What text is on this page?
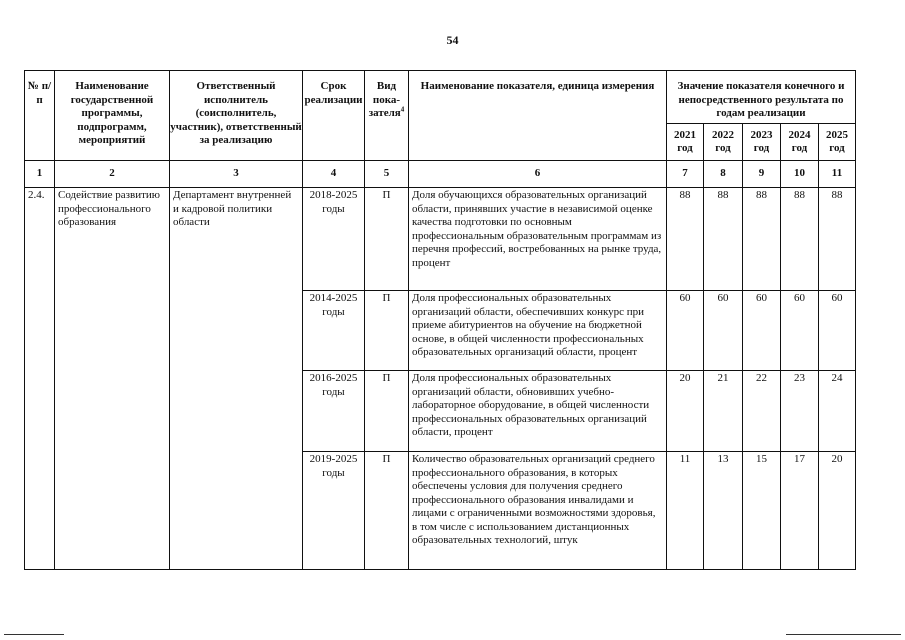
54
№ п/п	Наименование государственной программы, подпрограмм, мероприятий	Ответственный исполнитель (соисполнитель, участник), ответственный за реализацию	Срок реализации	Вид пока- зателя$^4$	Наименование показателя, единица измерения	Значение показателя конечного и непосредственного результата по годам реализации				
						2021 год	2022 год	2023 год	2024 год	2025 год
1	2	3	4	5	6	7	8	9	10	11
2.4.	Содействие развитию профессионального образования	Департамент внутренней и кадровой политики области	2018-2025 годы	П	Доля обучающихся образовательных организаций области, принявших участие в независимой оценке качества подготовки по основным профессиональным образовательным программам из перечня профессий, востребованных на рынке труда, процент	88	88	88	88	88
			2014-2025 годы	П	Доля профессиональных образовательных организаций области, обеспечивших конкурс при приеме абитуриентов на обучение на бюджетной основе, в общей численности профессиональных образовательных организаций области, процент	60	60	60	60	60
			2016-2025 годы	П	Доля профессиональных образовательных организаций области, обновивших учебно-лабораторное оборудование, в общей численности профессиональных образовательных организаций области, процент	20	21	22	23	24
			2019-2025 годы	П	Количество образовательных организаций среднего профессионального образования, в которых обеспечены условия для получения среднего профессионального образования инвалидами и лицами с ограниченными возможностями здоровья, в том числе с использованием дистанционных образовательных технологий, штук	11	13	15	17	20
